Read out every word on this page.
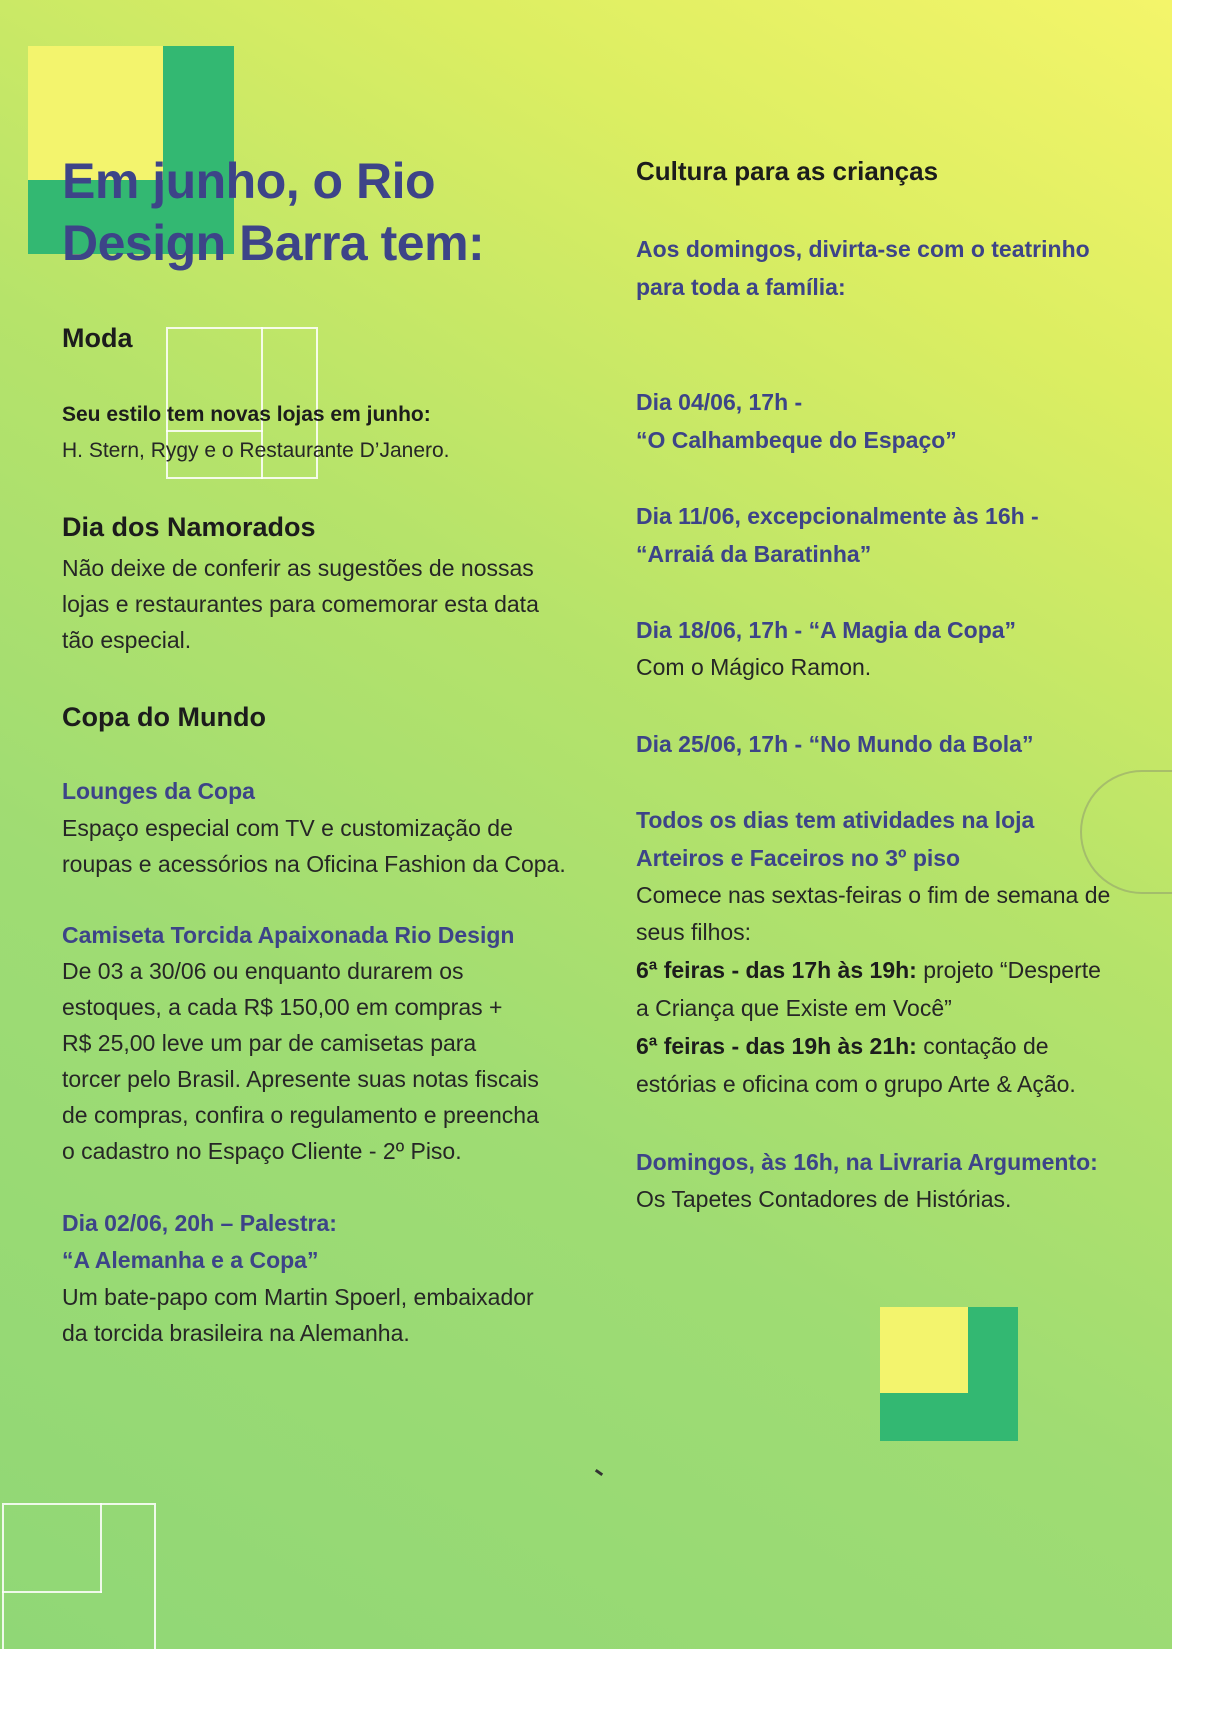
Em junho, o Rio
Design Barra tem:
Moda
Seu estilo tem novas lojas em junho:
H. Stern, Rygy e o Restaurante D’Janero.
Dia dos Namorados
Não deixe de conferir as sugestões de nossas
lojas e restaurantes para comemorar esta data
tão especial.
Copa do Mundo
Lounges da Copa
Espaço especial com TV e customização de
roupas e acessórios na Oficina Fashion da Copa.
Camiseta Torcida Apaixonada Rio Design
De 03 a 30/06 ou enquanto durarem os
estoques, a cada R$ 150,00 em compras +
R$ 25,00 leve um par de camisetas para
torcer pelo Brasil. Apresente suas notas fiscais
de compras, confira o regulamento e preencha
o cadastro no Espaço Cliente - 2º Piso.
Dia 02/06, 20h – Palestra:
“A Alemanha e a Copa”
Um bate-papo com Martin Spoerl, embaixador
da torcida brasileira na Alemanha.
Cultura para as crianças
Aos domingos, divirta-se com o teatrinho
para toda a família:
Dia 04/06, 17h -
“O Calhambeque do Espaço”
Dia 11/06, excepcionalmente às 16h -
“Arraiá da Baratinha”
Dia 18/06, 17h - “A Magia da Copa”
Com o Mágico Ramon.
Dia 25/06, 17h - “No Mundo da Bola”
Todos os dias tem atividades na loja
Arteiros e Faceiros no 3º piso
Comece nas sextas-feiras o fim de semana de
seus filhos:
6ª feiras - das 17h às 19h: projeto “Desperte
a Criança que Existe em Você”
6ª feiras - das 19h às 21h: contação de
estórias e oficina com o grupo Arte & Ação.
Domingos, às 16h, na Livraria Argumento:
Os Tapetes Contadores de Histórias.
